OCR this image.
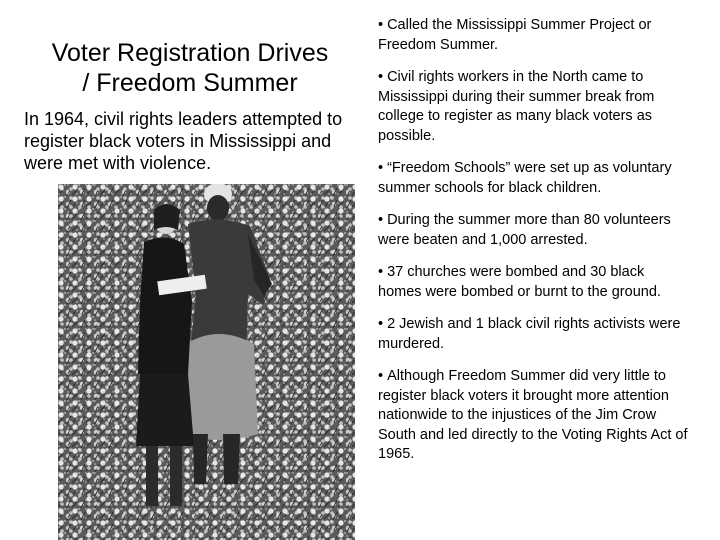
Voter Registration Drives
/ Freedom Summer
In 1964, civil rights leaders attempted to register black voters in Mississippi and were met with violence.
• Called the Mississippi Summer Project or Freedom Summer.
• Civil rights workers in the North came to Mississippi during their summer break from college to register as many black voters as possible.
• “Freedom Schools” were set up as voluntary summer schools for black children.
• During the summer more than 80 volunteers were beaten and 1,000 arrested.
• 37 churches were bombed and 30 black homes were bombed or burnt to the ground.
• 2 Jewish and 1 black civil rights activists were murdered.
• Although Freedom Summer did very little to register black voters it brought more attention nationwide to the injustices of the Jim Crow South and led directly to the Voting Rights Act of 1965.
